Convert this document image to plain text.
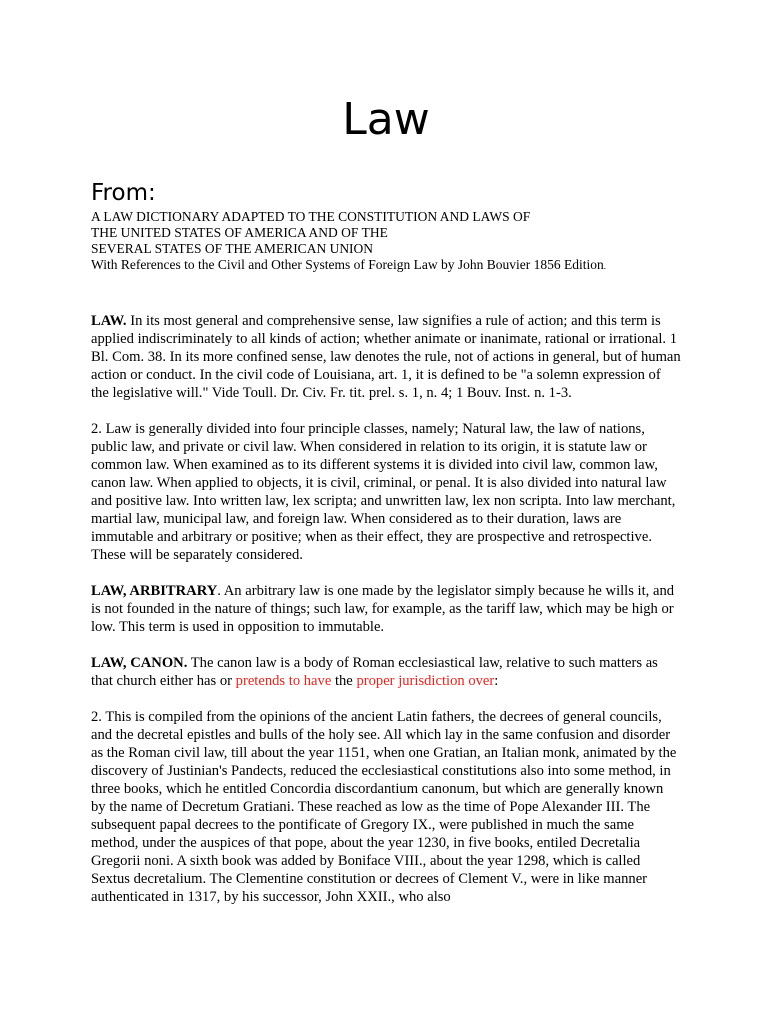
Law
From:
A LAW DICTIONARY ADAPTED TO THE CONSTITUTION AND LAWS OF
THE UNITED STATES OF AMERICA AND OF THE
SEVERAL STATES OF THE AMERICAN UNION
With References to the Civil and Other Systems of Foreign Law by John Bouvier 1856 Edition.

LAW. In its most general and comprehensive sense, law signifies a rule of action; and this term is applied indiscriminately to all kinds of action; whether animate or inanimate, rational or irrational. 1 Bl. Com. 38. In its more confined sense, law denotes the rule, not of actions in general, but of human action or conduct. In the civil code of Louisiana, art. 1, it is defined to be "a solemn expression of the legislative will." Vide Toull. Dr. Civ. Fr. tit. prel. s. 1, n. 4; 1 Bouv. Inst. n. 1-3.

2. Law is generally divided into four principle classes, namely; Natural law, the law of nations, public law, and private or civil law. When considered in relation to its origin, it is statute law or common law. When examined as to its different systems it is divided into civil law, common law, canon law. When applied to objects, it is civil, criminal, or penal. It is also divided into natural law and positive law. Into written law, lex scripta; and unwritten law, lex non scripta. Into law merchant, martial law, municipal law, and foreign law. When considered as to their duration, laws are immutable and arbitrary or positive; when as their effect, they are prospective and retrospective. These will be separately considered.

LAW, ARBITRARY. An arbitrary law is one made by the legislator simply because he wills it, and is not founded in the nature of things; such law, for example, as the tariff law, which may be high or low. This term is used in opposition to immutable.

LAW, CANON. The canon law is a body of Roman ecclesiastical law, relative to such matters as that church either has or pretends to have the proper jurisdiction over:

2. This is compiled from the opinions of the ancient Latin fathers, the decrees of general councils, and the decretal epistles and bulls of the holy see. All which lay in the same confusion and disorder as the Roman civil law, till about the year 1151, when one Gratian, an Italian monk, animated by the discovery of Justinian's Pandects, reduced the ecclesiastical constitutions also into some method, in three books, which he entitled Concordia discordantium canonum, but which are generally known by the name of Decretum Gratiani. These reached as low as the time of Pope Alexander III. The subsequent papal decrees to the pontificate of Gregory IX., were published in much the same method, under the auspices of that pope, about the year 1230, in five books, entiled Decretalia Gregorii noni. A sixth book was added by Boniface VIII., about the year 1298, which is called Sextus decretalium. The Clementine constitution or decrees of Clement V., were in like manner authenticated in 1317, by his successor, John XXII., who also
